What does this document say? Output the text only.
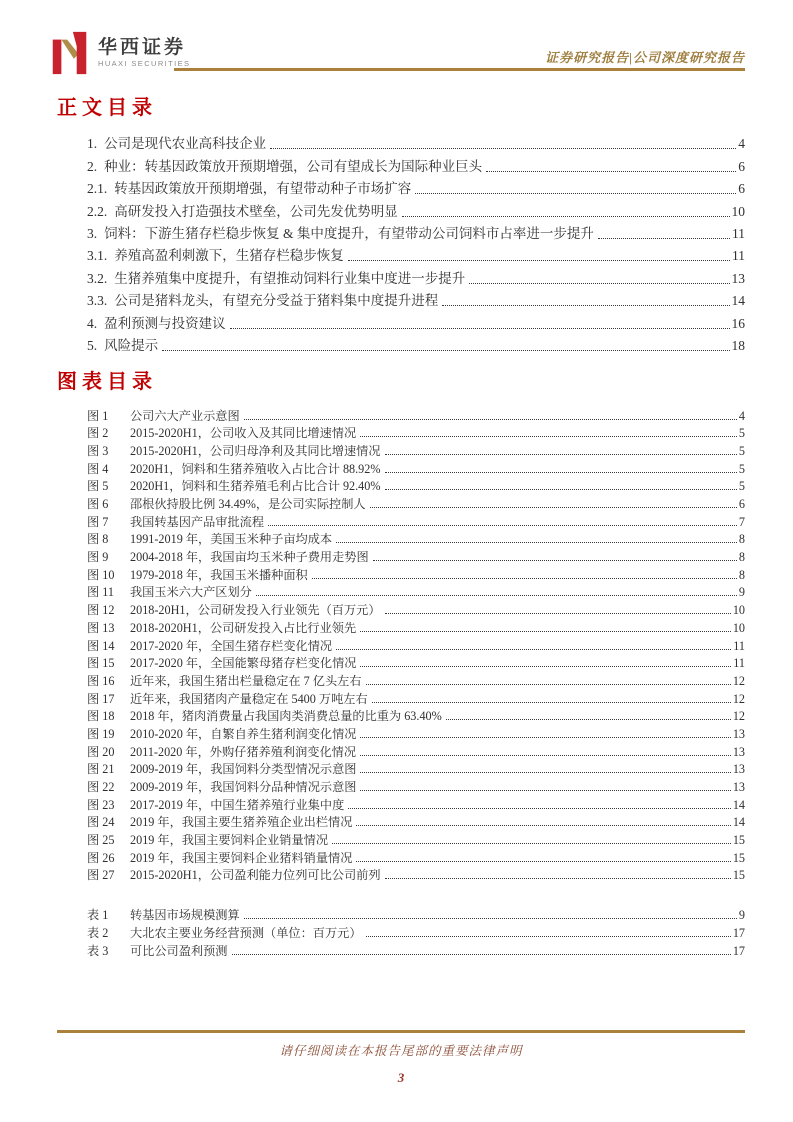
华西证券
HUAXI SECURITIES	证券研究报告|公司深度研究报告
正文目录
1. 公司是现代农业高科技企业	4
2. 种业：转基因政策放开预期增强，公司有望成长为国际种业巨头	6
2.1. 转基因政策放开预期增强，有望带动种子市场扩容	6
2.2. 高研发投入打造强技术壁垒，公司先发优势明显	10
3. 饲料：下游生猪存栏稳步恢复 & 集中度提升，有望带动公司饲料市占率进一步提升	11
3.1. 养殖高盈利刺激下，生猪存栏稳步恢复	11
3.2. 生猪养殖集中度提升，有望推动饲料行业集中度进一步提升	13
3.3. 公司是猪料龙头，有望充分受益于猪料集中度提升进程	14
4. 盈利预测与投资建议	16
5. 风险提示	18
图表目录
图 1	公司六大产业示意图	4
图 2	2015-2020H1，公司收入及其同比增速情况	5
图 3	2015-2020H1，公司归母净利及其同比增速情况	5
图 4	2020H1，饲料和生猪养殖收入占比合计 88.92%	5
图 5	2020H1，饲料和生猪养殖毛利占比合计 92.40%	5
图 6	邵根伙持股比例 34.49%，是公司实际控制人	6
图 7	我国转基因产品审批流程	7
图 8	1991-2019 年，美国玉米种子亩均成本	8
图 9	2004-2018 年，我国亩均玉米种子费用走势图	8
图 10	1979-2018 年，我国玉米播种面积	8
图 11	我国玉米六大产区划分	9
图 12	2018-20H1，公司研发投入行业领先（百万元）	10
图 13	2018-2020H1，公司研发投入占比行业领先	10
图 14	2017-2020 年，全国生猪存栏变化情况	11
图 15	2017-2020 年，全国能繁母猪存栏变化情况	11
图 16	近年来，我国生猪出栏量稳定在 7 亿头左右	12
图 17	近年来，我国猪肉产量稳定在 5400 万吨左右	12
图 18	2018 年，猪肉消费量占我国肉类消费总量的比重为 63.40%	12
图 19	2010-2020 年，自繁自养生猪利润变化情况	13
图 20	2011-2020 年，外购仔猪养殖利润变化情况	13
图 21	2009-2019 年，我国饲料分类型情况示意图	13
图 22	2009-2019 年，我国饲料分品种情况示意图	13
图 23	2017-2019 年，中国生猪养殖行业集中度	14
图 24	2019 年，我国主要生猪养殖企业出栏情况	14
图 25	2019 年，我国主要饲料企业销量情况	15
图 26	2019 年，我国主要饲料企业猪料销量情况	15
图 27	2015-2020H1，公司盈利能力位列可比公司前列	15
表 1	转基因市场规模测算	9
表 2	大北农主要业务经营预测（单位：百万元）	17
表 3	可比公司盈利预测	17
请仔细阅读在本报告尾部的重要法律声明
3
